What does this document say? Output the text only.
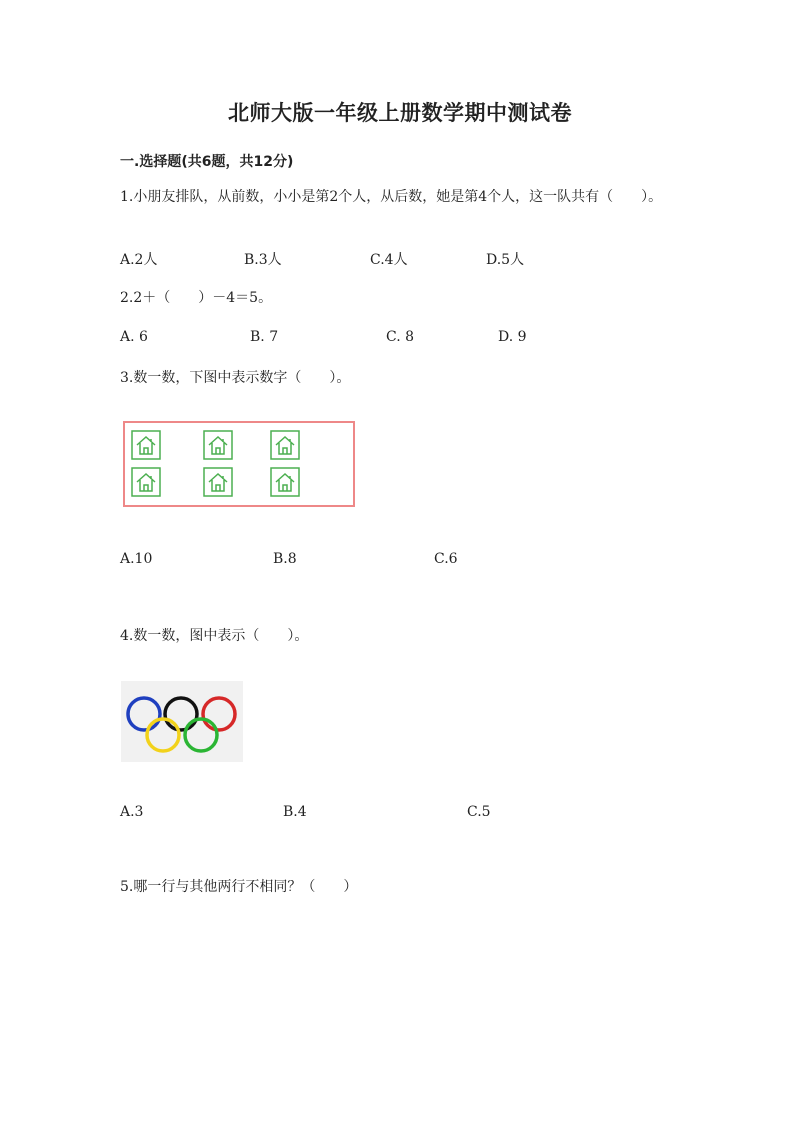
北师大版一年级上册数学期中测试卷
一.选择题(共6题，共12分)
1.小朋友排队，从前数，小小是第2个人，从后数，她是第4个人，这一队共有（　　）。
A.2人	B.3人	C.4人	D.5人
2.2＋（　　）－4＝5。
A. 6	B. 7	C. 8	D. 9
3.数一数，下图中表示数字（　　）。
A.10	B.8	C.6
4.数一数，图中表示（　　）。
A.3	B.4	C.5
5.哪一行与其他两行不相同？（　　）
